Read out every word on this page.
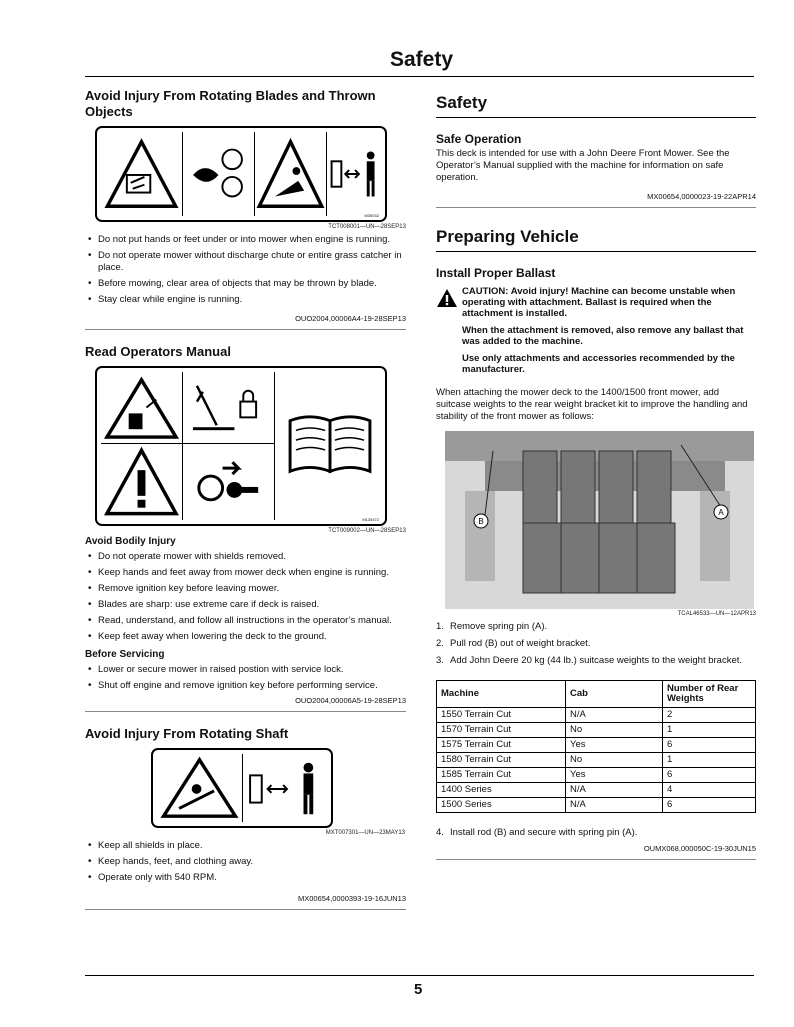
Safety
Avoid Injury From Rotating Blades and Thrown Objects
M35032
TCT008001—UN—28SEP13
• Do not put hands or feet under or into mower when engine is running.
• Do not operate mower without discharge chute or entire grass catcher in place.
• Before mowing, clear area of objects that may be thrown by blade.
• Stay clear while engine is running.
OUO2004,00006A4-19-28SEP13
Read Operators Manual
M135472
TCT009002—UN—28SEP13
Avoid Bodily Injury
• Do not operate mower with shields removed.
• Keep hands and feet away from mower deck when engine is running.
• Remove ignition key before leaving mower.
• Blades are sharp: use extreme care if deck is raised.
• Read, understand, and follow all instructions in the operator’s manual.
• Keep feet away when lowering the deck to the ground.
Before Servicing
• Lower or secure mower in raised postion with service lock.
• Shut off engine and remove ignition key before performing service.
OUO2004,00006A5-19-28SEP13
Avoid Injury From Rotating Shaft
MXT007301—UN—23MAY13
• Keep all shields in place.
• Keep hands, feet, and clothing away.
• Operate only with 540 RPM.
MX00654,0000393-19-16JUN13
Safety
Safe Operation

This deck is intended for use with a John Deere Front Mower. See the Operator’s Manual supplied with the machine for information on safe operation.

MX00654,0000023-19-22APR14
Preparing Vehicle
Install Proper Ballast

CAUTION: Avoid injury! Machine can become unstable when operating with attachment. Ballast is required when the attachment is installed.

When the attachment is removed, also remove any ballast that was added to the machine.

Use only attachments and accessories recommended by the manufacturer.

When attaching the mower deck to the 1400/1500 front mower, add suitcase weights to the rear weight bracket kit to improve the handling and stability of the front mower as follows:

B
A
TCAL46533—UN—12APR13
1. Remove spring pin (A).
2. Pull rod (B) out of weight bracket.
3. Add John Deere 20 kg (44 lb.) suitcase weights to the weight bracket.
Machine	Cab	Number of Rear Weights
1550 Terrain Cut	N/A	2
1570 Terrain Cut	No	1
1575 Terrain Cut	Yes	6
1580 Terrain Cut	No	1
1585 Terrain Cut	Yes	6
1400 Series	N/A	4
1500 Series	N/A	6
4. Install rod (B) and secure with spring pin (A).
OUMX068,000050C-19-30JUN15
5
